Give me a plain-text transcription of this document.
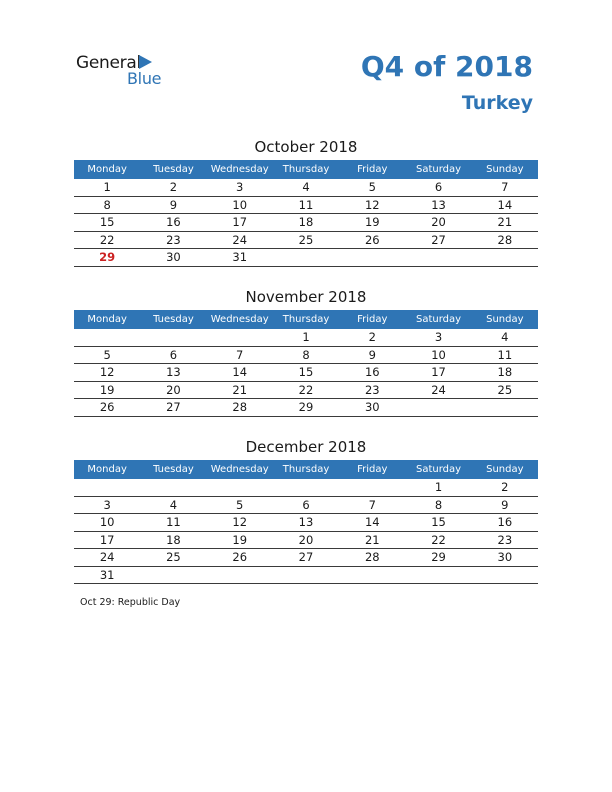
General
Blue	Q4 of 2018
Turkey
October 2018
Monday	Tuesday	Wednesday	Thursday	Friday	Saturday	Sunday
1	2	3	4	5	6	7
8	9	10	11	12	13	14
15	16	17	18	19	20	21
22	23	24	25	26	27	28
29	30	31				
November 2018
Monday	Tuesday	Wednesday	Thursday	Friday	Saturday	Sunday
			1	2	3	4
5	6	7	8	9	10	11
12	13	14	15	16	17	18
19	20	21	22	23	24	25
26	27	28	29	30		
December 2018
Monday	Tuesday	Wednesday	Thursday	Friday	Saturday	Sunday
					1	2
3	4	5	6	7	8	9
10	11	12	13	14	15	16
17	18	19	20	21	22	23
24	25	26	27	28	29	30
31						
Oct 29: Republic Day
